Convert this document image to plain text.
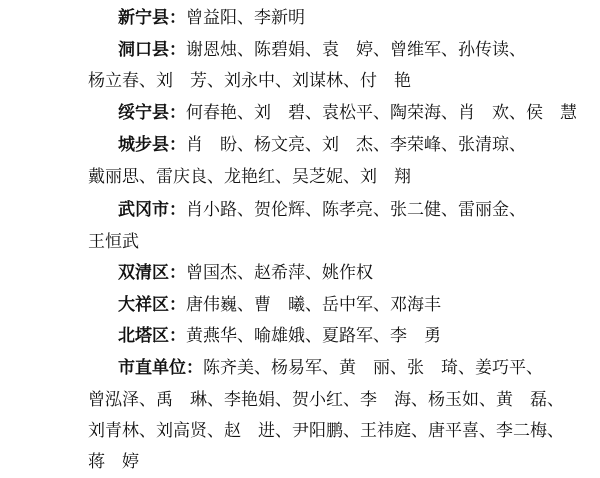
新宁县：曾益阳、李新明
洞口县：谢恩烛、陈碧娟、袁　婷、曾维军、孙传读、
杨立春、刘　芳、刘永中、刘谋林、付　艳
绥宁县：何春艳、刘　碧、袁松平、陶荣海、肖　欢、侯　慧
城步县：肖　盼、杨文亮、刘　杰、李荣峰、张清琼、
戴丽思、雷庆良、龙艳红、吴芝妮、刘　翔
武冈市：肖小路、贺伦辉、陈孝亮、张二健、雷丽金、
王恒武
双清区：曾国杰、赵希萍、姚作权
大祥区：唐伟巍、曹　曦、岳中军、邓海丰
北塔区：黄燕华、喻雄娥、夏路军、李　勇
市直单位：陈齐美、杨易军、黄　丽、张　琦、姜巧平、
曾泓泽、禹　琳、李艳娟、贺小红、李　海、杨玉如、黄　磊、
刘青林、刘高贤、赵　进、尹阳鹏、王祎庭、唐平喜、李二梅、
蒋　婷
